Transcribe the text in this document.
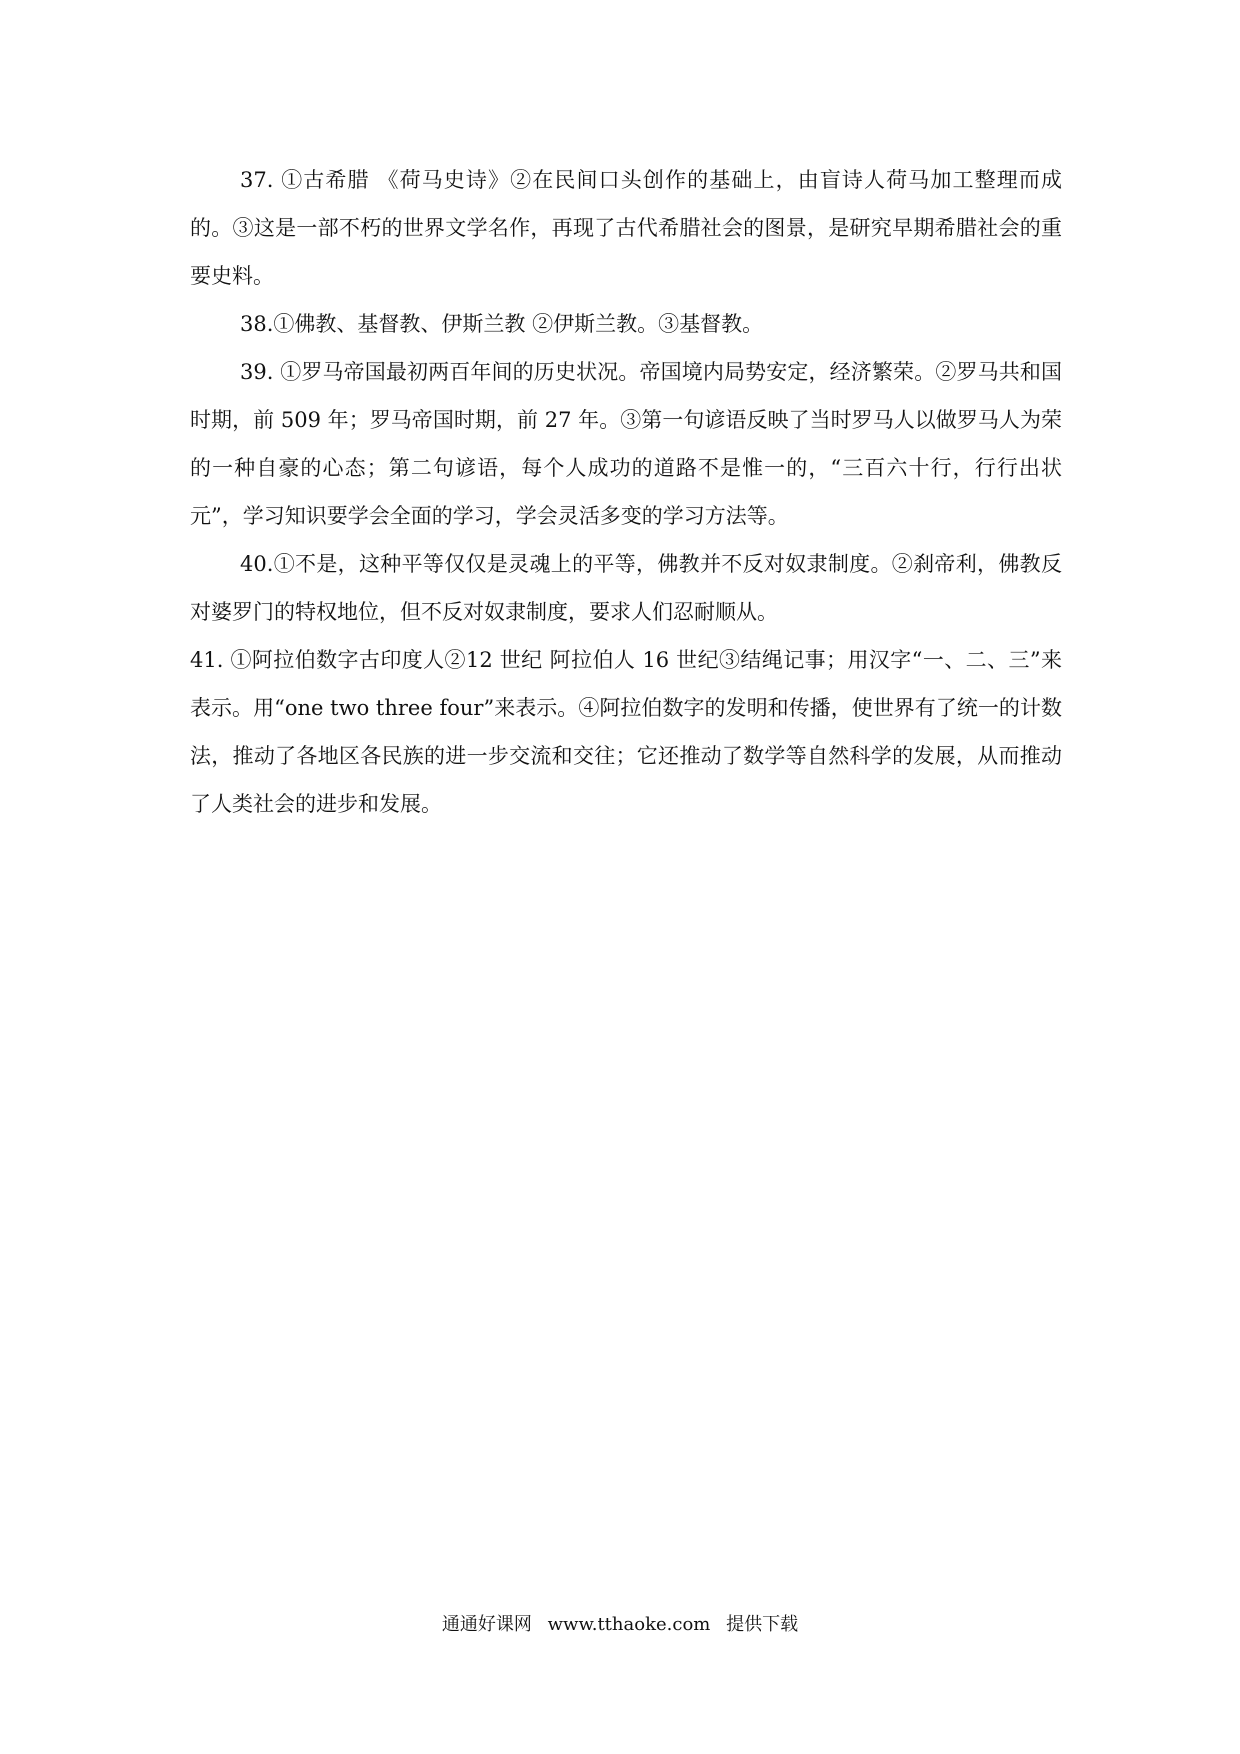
37. ①古希腊 《荷马史诗》②在民间口头创作的基础上，由盲诗人荷马加工整理而成的。③这是一部不朽的世界文学名作，再现了古代希腊社会的图景，是研究早期希腊社会的重要史料。

38.①佛教、基督教、伊斯兰教 ②伊斯兰教。③基督教。

39. ①罗马帝国最初两百年间的历史状况。帝国境内局势安定，经济繁荣。②罗马共和国时期，前 509 年；罗马帝国时期，前 27 年。③第一句谚语反映了当时罗马人以做罗马人为荣的一种自豪的心态；第二句谚语，每个人成功的道路不是惟一的，“三百六十行，行行出状元”，学习知识要学会全面的学习，学会灵活多变的学习方法等。

40.①不是，这种平等仅仅是灵魂上的平等，佛教并不反对奴隶制度。②刹帝利，佛教反对婆罗门的特权地位，但不反对奴隶制度，要求人们忍耐顺从。

41. ①阿拉伯数字古印度人②12 世纪 阿拉伯人 16 世纪③结绳记事；用汉字“一、二、三”来表示。用“one two three four”来表示。④阿拉伯数字的发明和传播，使世界有了统一的计数法，推动了各地区各民族的进一步交流和交往；它还推动了数学等自然科学的发展，从而推动了人类社会的进步和发展。

通通好课网 www.tthaoke.com 提供下载
